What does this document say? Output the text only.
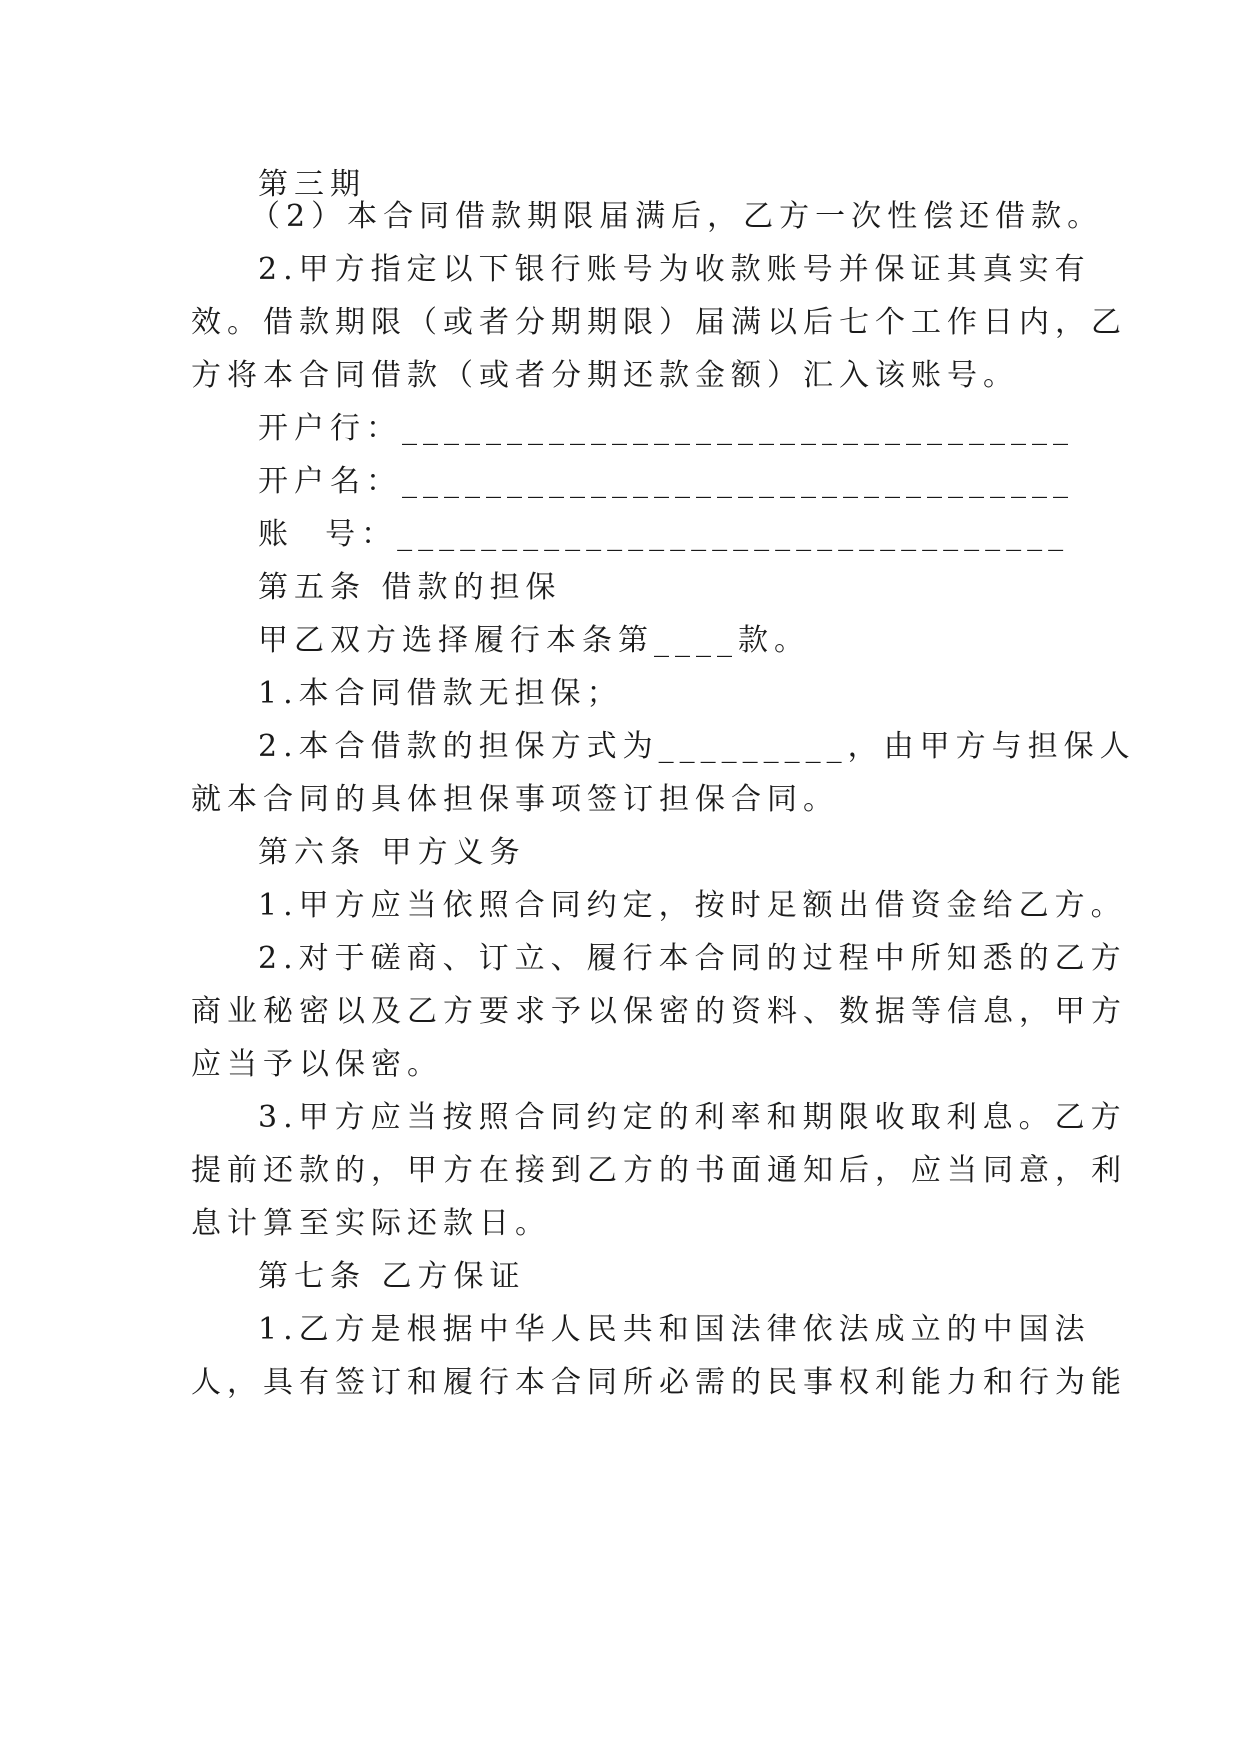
第三期
（2）本合同借款期限届满后，乙方一次性偿还借款。
2.甲方指定以下银行账号为收款账号并保证其真实有
效。借款期限（或者分期期限）届满以后七个工作日内，乙
方将本合同借款（或者分期还款金额）汇入该账号。
开户行：________________________________
开户名：________________________________
账  号：________________________________
第五条 借款的担保
甲乙双方选择履行本条第____款。
1.本合同借款无担保；
2.本合借款的担保方式为_________，由甲方与担保人
就本合同的具体担保事项签订担保合同。
第六条 甲方义务
1.甲方应当依照合同约定，按时足额出借资金给乙方。
2.对于磋商、订立、履行本合同的过程中所知悉的乙方
商业秘密以及乙方要求予以保密的资料、数据等信息，甲方
应当予以保密。
3.甲方应当按照合同约定的利率和期限收取利息。乙方
提前还款的，甲方在接到乙方的书面通知后，应当同意，利
息计算至实际还款日。
第七条 乙方保证
1.乙方是根据中华人民共和国法律依法成立的中国法
人，具有签订和履行本合同所必需的民事权利能力和行为能
